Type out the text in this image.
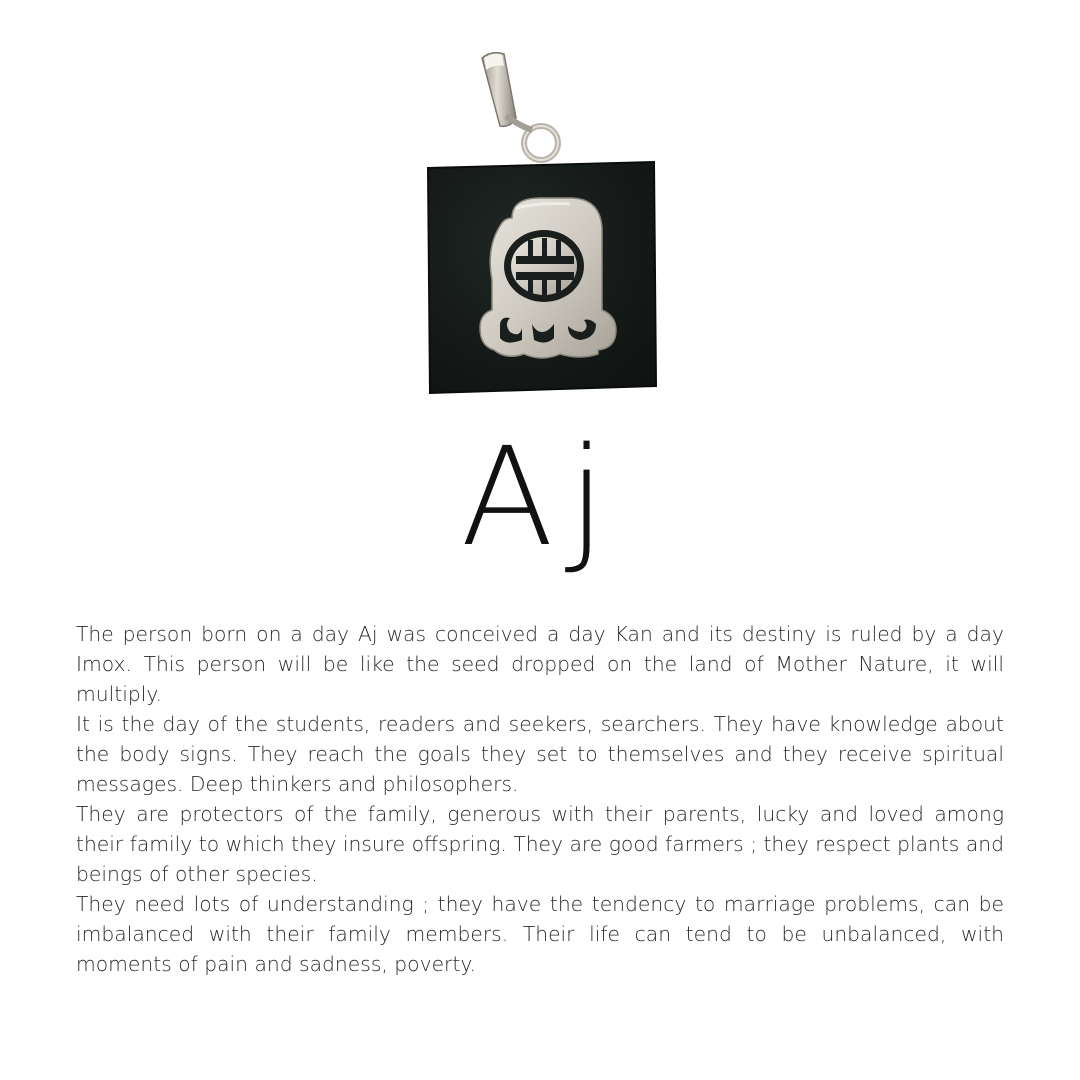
Aj

The person born on a day Aj was conceived a day Kan and its destiny is ruled by a day Imox. This person will be like the seed dropped on the land of Mother Nature, it will multiply.

It is the day of the students, readers and seekers, searchers. They have knowledge about the body signs. They reach the goals they set to themselves and they receive spiritual messages. Deep thinkers and philosophers.

They are protectors of the family, generous with their parents, lucky and loved among their family to which they insure offspring. They are good farmers ; they respect plants and beings of other species.

They need lots of understanding ; they have the tendency to marriage problems, can be imbalanced with their family members. Their life can tend to be unbalanced, with moments of pain and sadness, poverty.
